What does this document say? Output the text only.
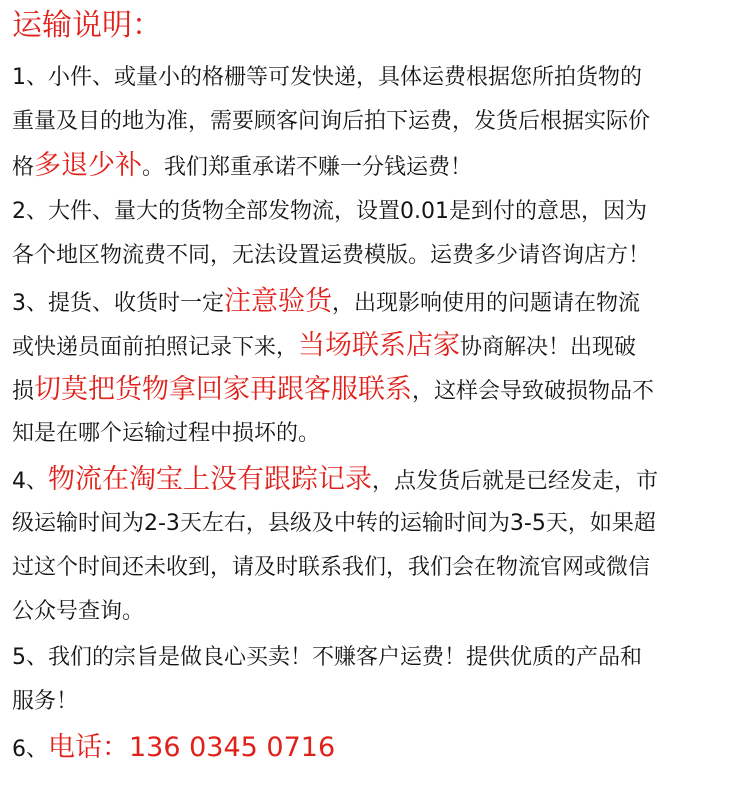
运输说明：
1、小件、或量小的格栅等可发快递，具体运费根据您所拍货物的
重量及目的地为准，需要顾客问询后拍下运费，发货后根据实际价
格多退少补。我们郑重承诺不赚一分钱运费！
2、大件、量大的货物全部发物流，设置0.01是到付的意思，因为
各个地区物流费不同，无法设置运费模版。运费多少请咨询店方！
3、提货、收货时一定注意验货，出现影响使用的问题请在物流
或快递员面前拍照记录下来，当场联系店家协商解决！出现破
损切莫把货物拿回家再跟客服联系，这样会导致破损物品不
知是在哪个运输过程中损坏的。
4、物流在淘宝上没有跟踪记录，点发货后就是已经发走，市
级运输时间为2-3天左右，县级及中转的运输时间为3-5天，如果超
过这个时间还未收到，请及时联系我们，我们会在物流官网或微信
公众号查询。
5、我们的宗旨是做良心买卖！不赚客户运费！提供优质的产品和
服务！
6、电话：136 0345 0716
